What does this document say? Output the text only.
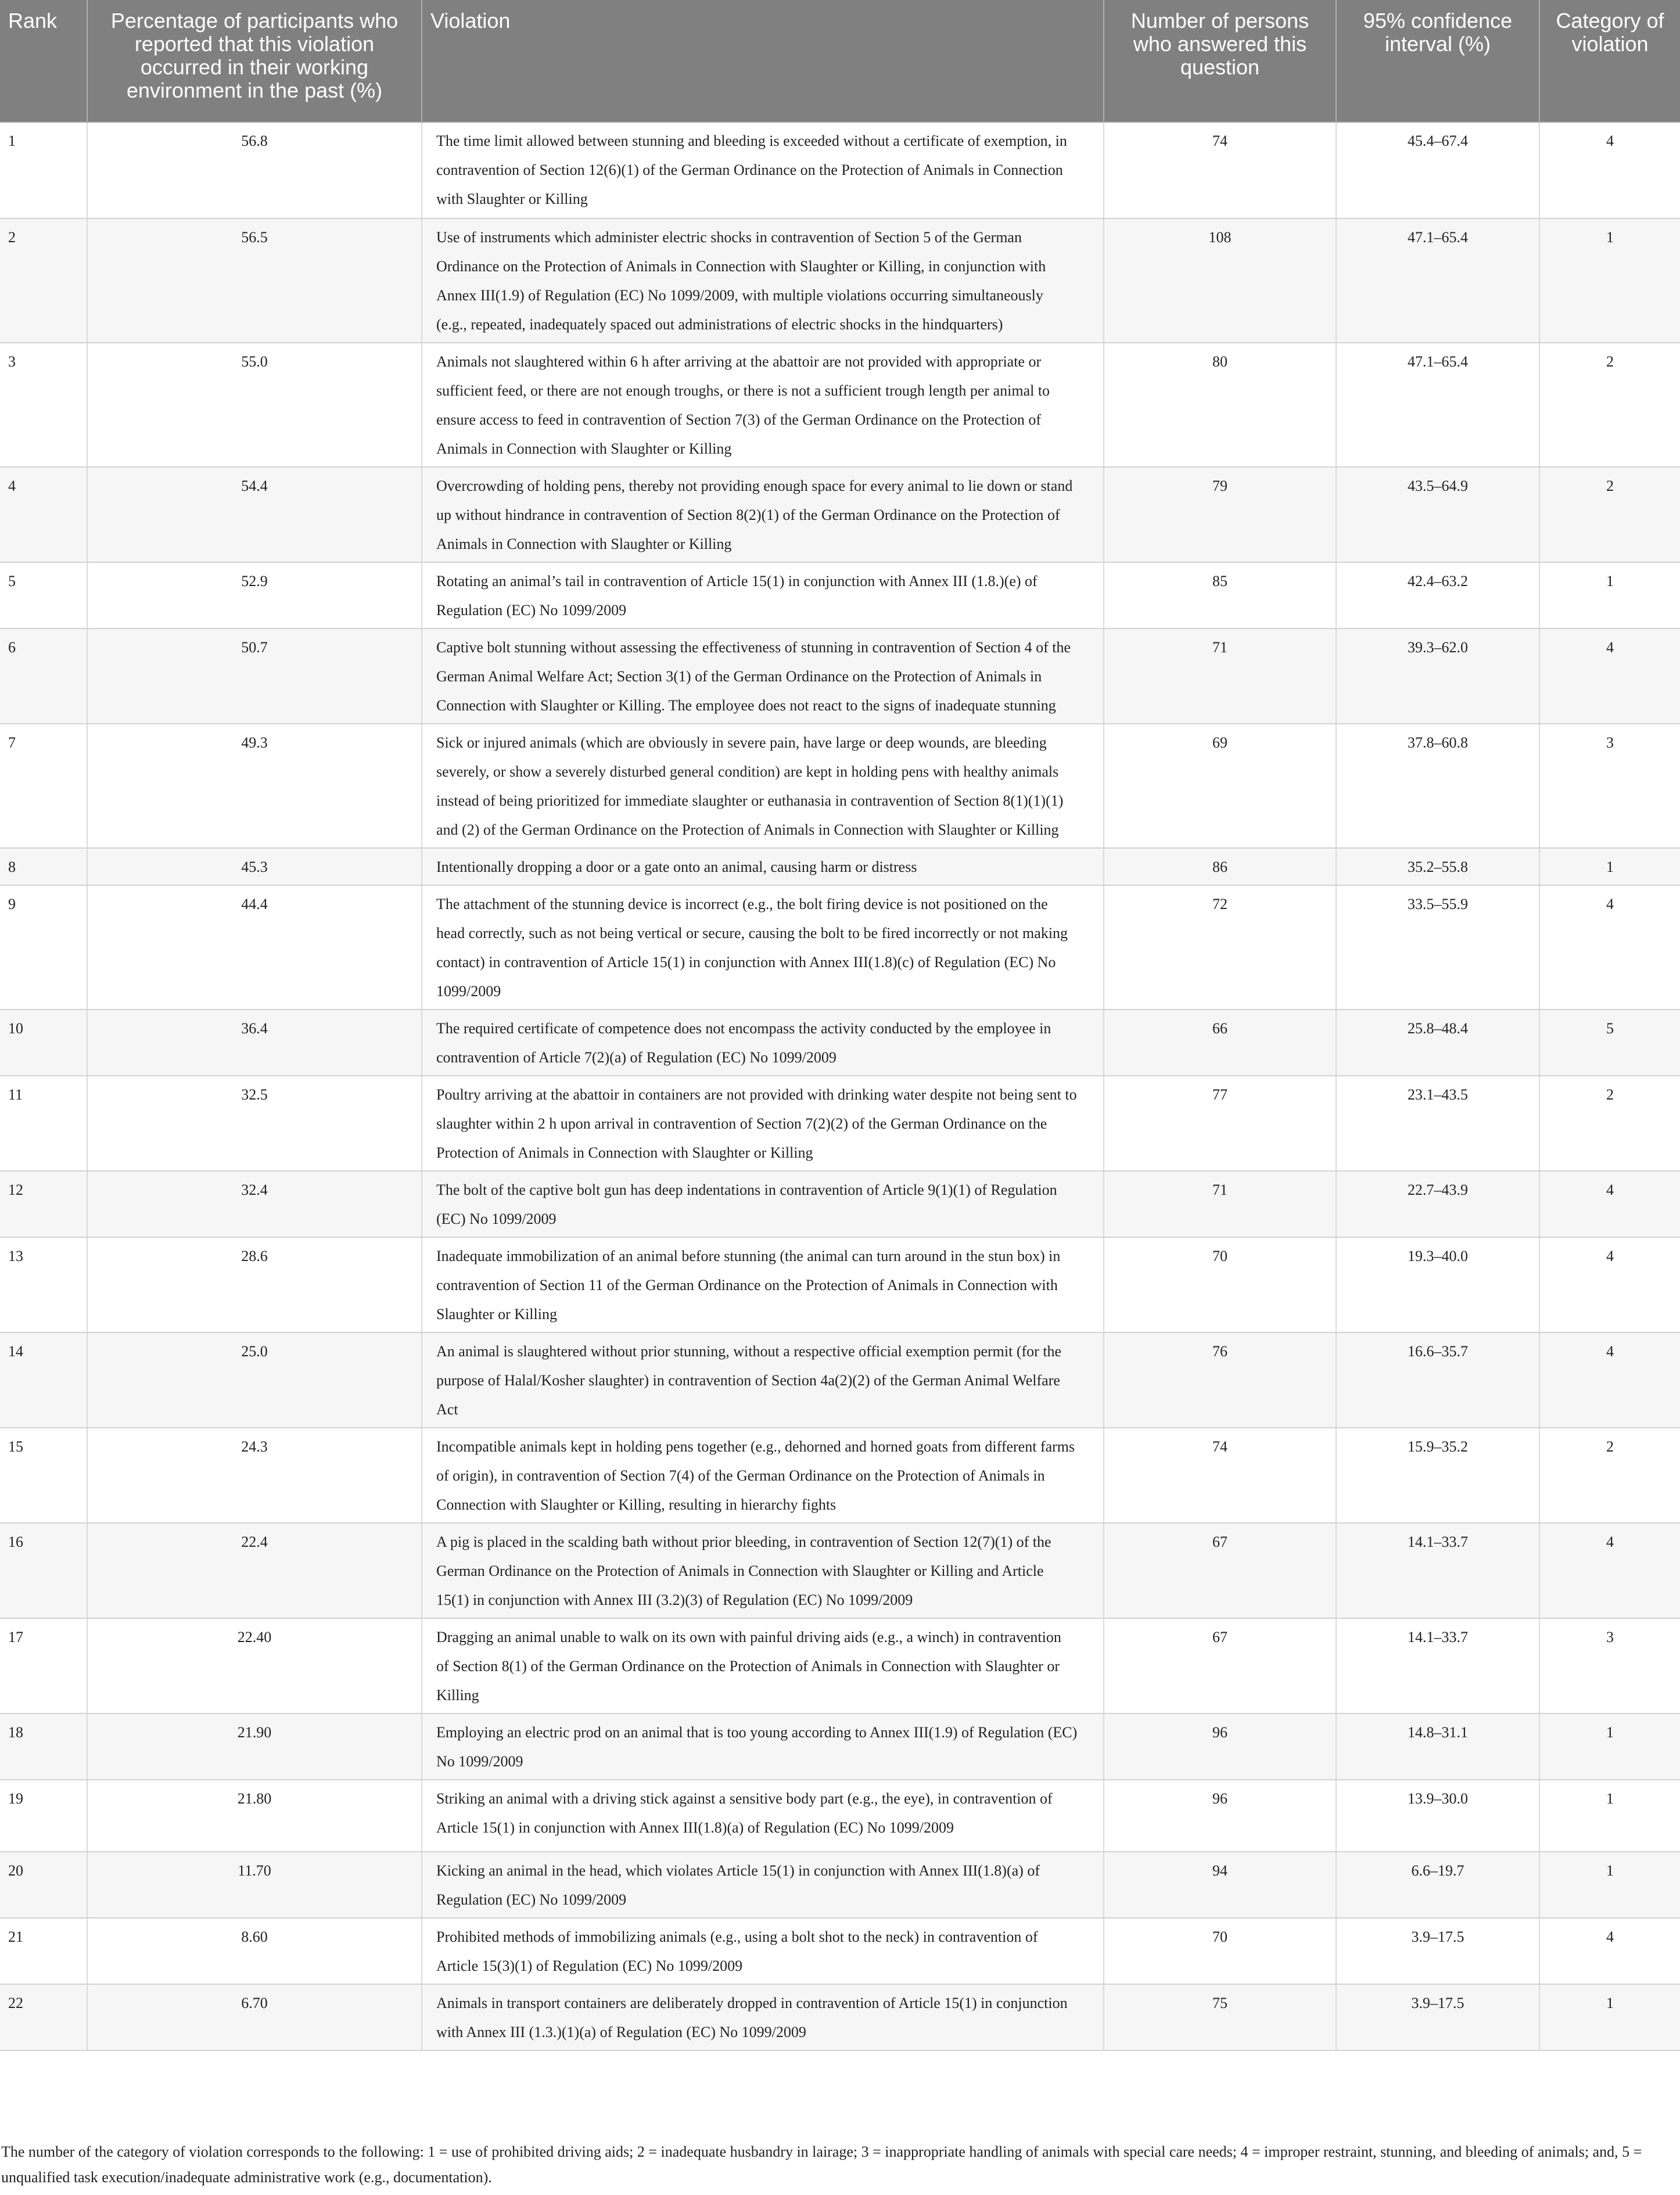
Rank	Percentage of participants who reported that this violation occurred in their working environment in the past (%)	Violation	Number of persons who answered this question	95% confidence interval (%)	Category of violation
1	56.8	The time limit allowed between stunning and bleeding is exceeded without a certificate of exemption, in contravention of Section 12(6)(1) of the German Ordinance on the Protection of Animals in Connection with Slaughter or Killing	74	45.4–67.4	4
2	56.5	Use of instruments which administer electric shocks in contravention of Section 5 of the German Ordinance on the Protection of Animals in Connection with Slaughter or Killing, in conjunction with Annex III(1.9) of Regulation (EC) No 1099/2009, with multiple violations occurring simultaneously (e.g., repeated, inadequately spaced out administrations of electric shocks in the hindquarters)	108	47.1–65.4	1
3	55.0	Animals not slaughtered within 6 h after arriving at the abattoir are not provided with appropriate or sufficient feed, or there are not enough troughs, or there is not a sufficient trough length per animal to ensure access to feed in contravention of Section 7(3) of the German Ordinance on the Protection of Animals in Connection with Slaughter or Killing	80	47.1–65.4	2
4	54.4	Overcrowding of holding pens, thereby not providing enough space for every animal to lie down or stand up without hindrance in contravention of Section 8(2)(1) of the German Ordinance on the Protection of Animals in Connection with Slaughter or Killing	79	43.5–64.9	2
5	52.9	Rotating an animal’s tail in contravention of Article 15(1) in conjunction with Annex III (1.8.)(e) of Regulation (EC) No 1099/2009	85	42.4–63.2	1
6	50.7	Captive bolt stunning without assessing the effectiveness of stunning in contravention of Section 4 of the German Animal Welfare Act; Section 3(1) of the German Ordinance on the Protection of Animals in Connection with Slaughter or Killing. The employee does not react to the signs of inadequate stunning	71	39.3–62.0	4
7	49.3	Sick or injured animals (which are obviously in severe pain, have large or deep wounds, are bleeding severely, or show a severely disturbed general condition) are kept in holding pens with healthy animals instead of being prioritized for immediate slaughter or euthanasia in contravention of Section 8(1)(1)(1) and (2) of the German Ordinance on the Protection of Animals in Connection with Slaughter or Killing	69	37.8–60.8	3
8	45.3	Intentionally dropping a door or a gate onto an animal, causing harm or distress	86	35.2–55.8	1
9	44.4	The attachment of the stunning device is incorrect (e.g., the bolt firing device is not positioned on the head correctly, such as not being vertical or secure, causing the bolt to be fired incorrectly or not making contact) in contravention of Article 15(1) in conjunction with Annex III(1.8)(c) of Regulation (EC) No 1099/2009	72	33.5–55.9	4
10	36.4	The required certificate of competence does not encompass the activity conducted by the employee in contravention of Article 7(2)(a) of Regulation (EC) No 1099/2009	66	25.8–48.4	5
11	32.5	Poultry arriving at the abattoir in containers are not provided with drinking water despite not being sent to slaughter within 2 h upon arrival in contravention of Section 7(2)(2) of the German Ordinance on the Protection of Animals in Connection with Slaughter or Killing	77	23.1–43.5	2
12	32.4	The bolt of the captive bolt gun has deep indentations in contravention of Article 9(1)(1) of Regulation (EC) No 1099/2009	71	22.7–43.9	4
13	28.6	Inadequate immobilization of an animal before stunning (the animal can turn around in the stun box) in contravention of Section 11 of the German Ordinance on the Protection of Animals in Connection with Slaughter or Killing	70	19.3–40.0	4
14	25.0	An animal is slaughtered without prior stunning, without a respective official exemption permit (for the purpose of Halal/Kosher slaughter) in contravention of Section 4a(2)(2) of the German Animal Welfare Act	76	16.6–35.7	4
15	24.3	Incompatible animals kept in holding pens together (e.g., dehorned and horned goats from different farms of origin), in contravention of Section 7(4) of the German Ordinance on the Protection of Animals in Connection with Slaughter or Killing, resulting in hierarchy fights	74	15.9–35.2	2
16	22.4	A pig is placed in the scalding bath without prior bleeding, in contravention of Section 12(7)(1) of the German Ordinance on the Protection of Animals in Connection with Slaughter or Killing and Article 15(1) in conjunction with Annex III (3.2)(3) of Regulation (EC) No 1099/2009	67	14.1–33.7	4
17	22.40	Dragging an animal unable to walk on its own with painful driving aids (e.g., a winch) in contravention of Section 8(1) of the German Ordinance on the Protection of Animals in Connection with Slaughter or Killing	67	14.1–33.7	3
18	21.90	Employing an electric prod on an animal that is too young according to Annex III(1.9) of Regulation (EC) No 1099/2009	96	14.8–31.1	1
19	21.80	Striking an animal with a driving stick against a sensitive body part (e.g., the eye), in contravention of Article 15(1) in conjunction with Annex III(1.8)(a) of Regulation (EC) No 1099/2009	96	13.9–30.0	1
20	11.70	Kicking an animal in the head, which violates Article 15(1) in conjunction with Annex III(1.8)(a) of Regulation (EC) No 1099/2009	94	6.6–19.7	1
21	8.60	Prohibited methods of immobilizing animals (e.g., using a bolt shot to the neck) in contravention of Article 15(3)(1) of Regulation (EC) No 1099/2009	70	3.9–17.5	4
22	6.70	Animals in transport containers are deliberately dropped in contravention of Article 15(1) in conjunction with Annex III (1.3.)(1)(a) of Regulation (EC) No 1099/2009	75	3.9–17.5	1
The number of the category of violation corresponds to the following: 1 = use of prohibited driving aids; 2 = inadequate husbandry in lairage; 3 = inappropriate handling of animals with special care needs; 4 = improper restraint, stunning, and bleeding of animals; and, 5 = unqualified task execution/inadequate administrative work (e.g., documentation).
